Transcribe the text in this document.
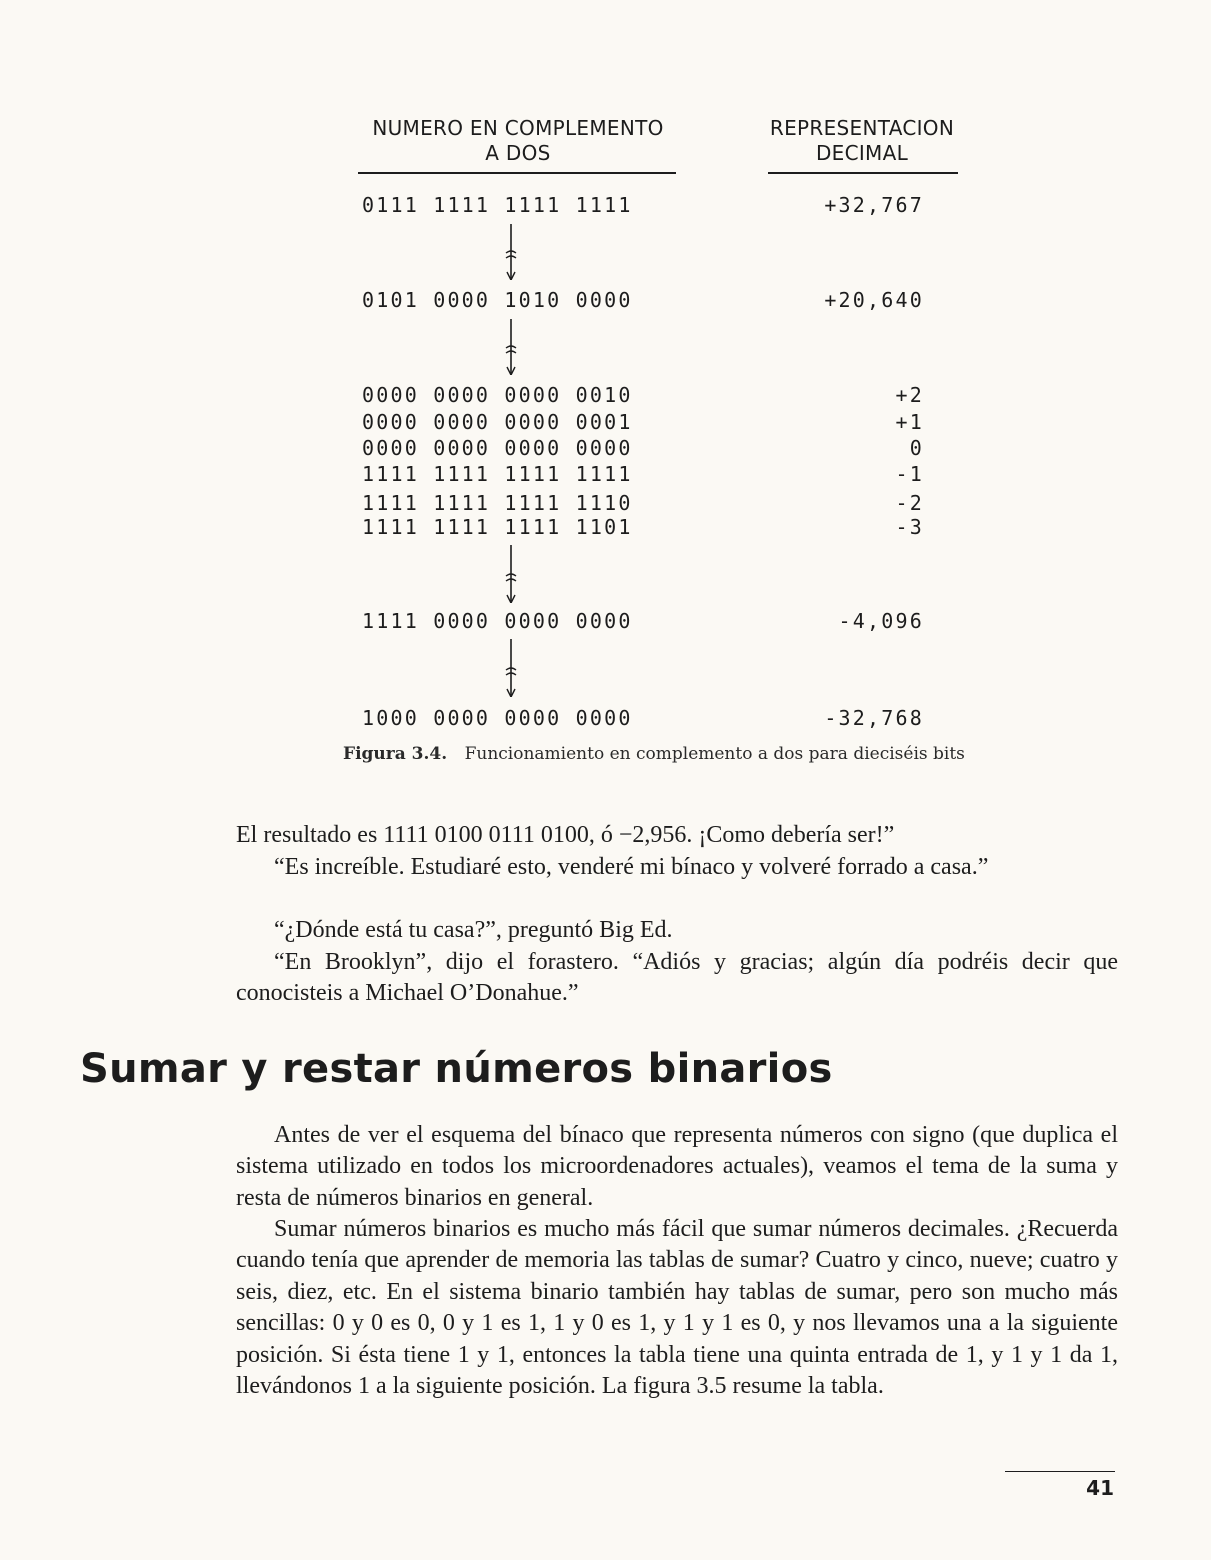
NUMERO EN COMPLEMENTO
A DOS
REPRESENTACION
DECIMAL
0111 1111 1111 1111	+32,767
0101 0000 1010 0000	+20,640
0000 0000 0000 0010	+2
0000 0000 0000 0001	+1
0000 0000 0000 0000	0
1111 1111 1111 1111	-1
1111 1111 1111 1110	-2
1111 1111 1111 1101	-3
1111 0000 0000 0000	-4,096
1000 0000 0000 0000	-32,768
Figura 3.4. Funcionamiento en complemento a dos para dieciséis bits

El resultado es 1111 0100 0111 0100, ó −2,956. ¡Como debería ser!”

“Es increíble. Estudiaré esto, venderé mi bínaco y volveré forrado a casa.”

“¿Dónde está tu casa?”, preguntó Big Ed.

“En Brooklyn”, dijo el forastero. “Adiós y gracias; algún día podréis decir que conocisteis a Michael O’Donahue.”

Sumar y restar números binarios

Antes de ver el esquema del bínaco que representa números con signo (que duplica el sistema utilizado en todos los microordenadores actuales), veamos el tema de la suma y resta de números binarios en general.

Sumar números binarios es mucho más fácil que sumar números decimales. ¿Recuerda cuando tenía que aprender de memoria las tablas de sumar? Cuatro y cinco, nueve; cuatro y seis, diez, etc. En el sistema binario también hay tablas de sumar, pero son mucho más sencillas: 0 y 0 es 0, 0 y 1 es 1, 1 y 0 es 1, y 1 y 1 es 0, y nos llevamos una a la siguiente posición. Si ésta tiene 1 y 1, entonces la tabla tiene una quinta entrada de 1, y 1 y 1 da 1, llevándonos 1 a la siguiente posición. La figura 3.5 resume la tabla.

41
